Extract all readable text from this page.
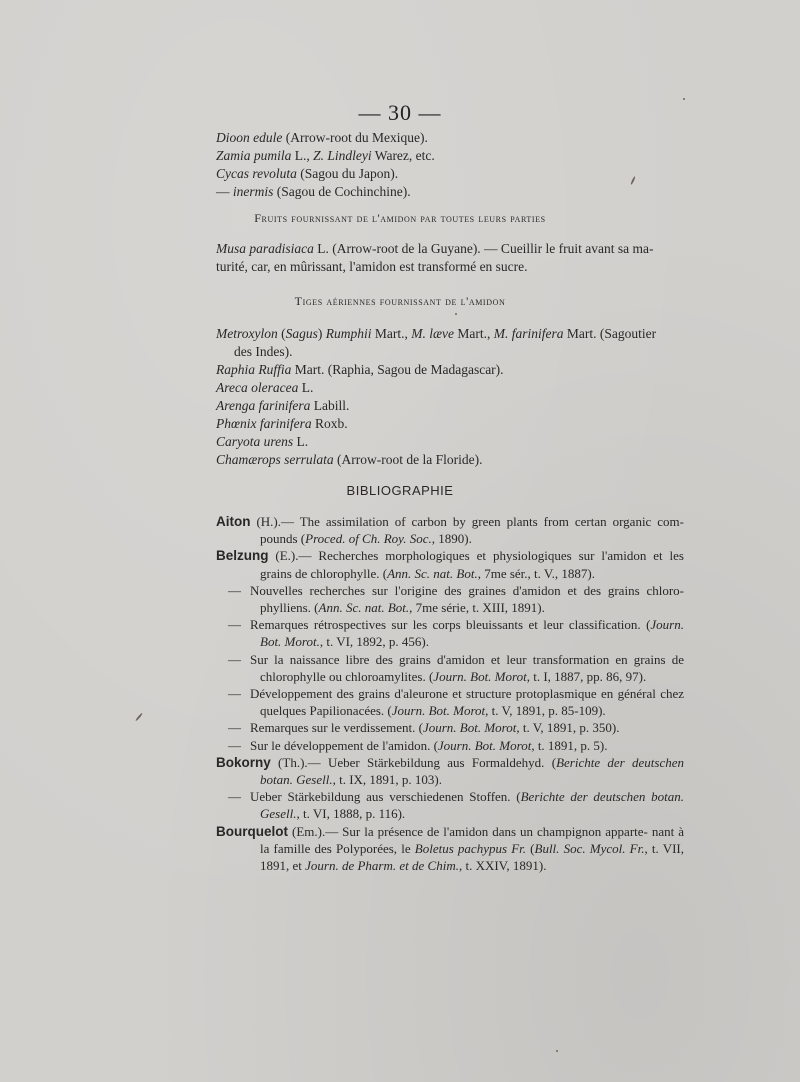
— 30 —
Dioon edule (Arrow-root du Mexique).
Zamia pumila L., Z. Lindleyi Warez, etc.
Cycas revoluta (Sagou du Japon).
— inermis (Sagou de Cochinchine).
Fruits fournissant de l'amidon par toutes leurs parties
Musa paradisiaca L. (Arrow-root de la Guyane). — Cueillir le fruit avant sa ma-
turité, car, en mûrissant, l'amidon est transformé en sucre.
Tiges aériennes fournissant de l'amidon
Metroxylon (Sagus) Rumphii Mart., M. læve Mart., M. farinifera Mart. (Sagoutier
des Indes).
Raphia Ruffia Mart. (Raphia, Sagou de Madagascar).
Areca oleracea L.
Arenga farinifera Labill.
Phœnix farinifera Roxb.
Caryota urens L.
Chamærops serrulata (Arrow-root de la Floride).
BIBLIOGRAPHIE
Aiton (H.).— The assimilation of carbon by green plants from certan organic com- pounds (Proced. of Ch. Roy. Soc., 1890).
Belzung (E.).— Recherches morphologiques et physiologiques sur l'amidon et les grains de chlorophylle. (Ann. Sc. nat. Bot., 7me sér., t. V., 1887).
— Nouvelles recherches sur l'origine des graines d'amidon et des grains chloro- phylliens. (Ann. Sc. nat. Bot., 7me série, t. XIII, 1891).
— Remarques rétrospectives sur les corps bleuissants et leur classification. (Journ. Bot. Morot., t. VI, 1892, p. 456).
— Sur la naissance libre des grains d'amidon et leur transformation en grains de chlorophylle ou chloroamylites. (Journ. Bot. Morot, t. I, 1887, pp. 86, 97).
— Développement des grains d'aleurone et structure protoplasmique en général chez quelques Papilionacées. (Journ. Bot. Morot, t. V, 1891, p. 85-109).
— Remarques sur le verdissement. (Journ. Bot. Morot, t. V, 1891, p. 350).
— Sur le développement de l'amidon. (Journ. Bot. Morot, t. 1891, p. 5).
Bokorny (Th.).— Ueber Stärkebildung aus Formaldehyd. (Berichte der deutschen botan. Gesell., t. IX, 1891, p. 103).
— Ueber Stärkebildung aus verschiedenen Stoffen. (Berichte der deutschen botan. Gesell., t. VI, 1888, p. 116).
Bourquelot (Em.).— Sur la présence de l'amidon dans un champignon apparte- nant à la famille des Polyporées, le Boletus pachypus Fr. (Bull. Soc. Mycol. Fr., t. VII, 1891, et Journ. de Pharm. et de Chim., t. XXIV, 1891).
